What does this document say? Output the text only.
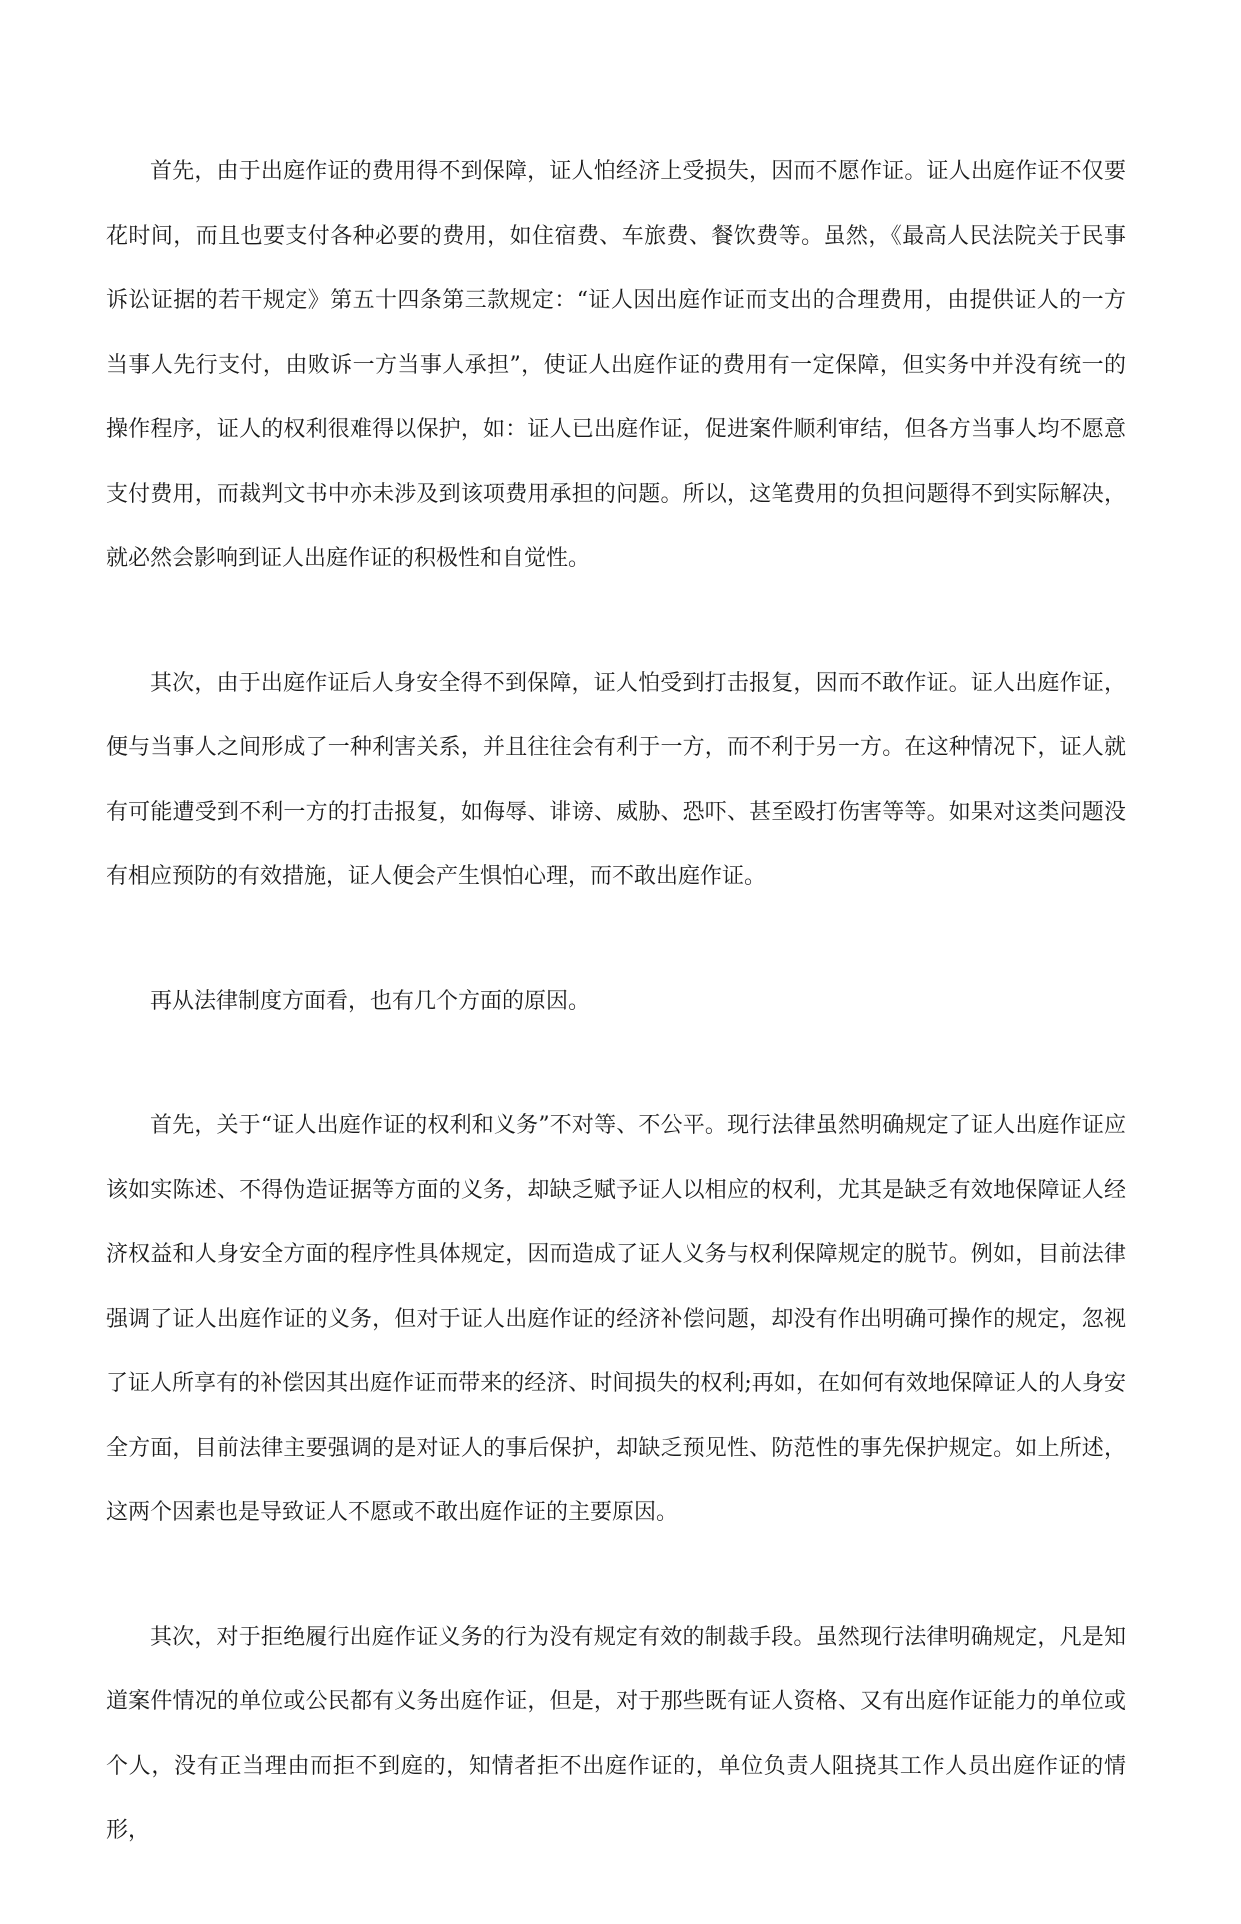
首先，由于出庭作证的费用得不到保障，证人怕经济上受损失，因而不愿作证。证人出庭作证不仅要花时间，而且也要支付各种必要的费用，如住宿费、车旅费、餐饮费等。虽然，《最高人民法院关于民事诉讼证据的若干规定》第五十四条第三款规定：“证人因出庭作证而支出的合理费用，由提供证人的一方当事人先行支付，由败诉一方当事人承担”，使证人出庭作证的费用有一定保障，但实务中并没有统一的操作程序，证人的权利很难得以保护，如：证人已出庭作证，促进案件顺利审结，但各方当事人均不愿意支付费用，而裁判文书中亦未涉及到该项费用承担的问题。所以，这笔费用的负担问题得不到实际解决，就必然会影响到证人出庭作证的积极性和自觉性。

其次，由于出庭作证后人身安全得不到保障，证人怕受到打击报复，因而不敢作证。证人出庭作证，便与当事人之间形成了一种利害关系，并且往往会有利于一方，而不利于另一方。在这种情况下，证人就有可能遭受到不利一方的打击报复，如侮辱、诽谤、威胁、恐吓、甚至殴打伤害等等。如果对这类问题没有相应预防的有效措施，证人便会产生惧怕心理，而不敢出庭作证。

再从法律制度方面看，也有几个方面的原因。

首先，关于“证人出庭作证的权利和义务”不对等、不公平。现行法律虽然明确规定了证人出庭作证应该如实陈述、不得伪造证据等方面的义务，却缺乏赋予证人以相应的权利，尤其是缺乏有效地保障证人经济权益和人身安全方面的程序性具体规定，因而造成了证人义务与权利保障规定的脱节。例如，目前法律强调了证人出庭作证的义务，但对于证人出庭作证的经济补偿问题，却没有作出明确可操作的规定，忽视了证人所享有的补偿因其出庭作证而带来的经济、时间损失的权利;再如，在如何有效地保障证人的人身安全方面，目前法律主要强调的是对证人的事后保护，却缺乏预见性、防范性的事先保护规定。如上所述，这两个因素也是导致证人不愿或不敢出庭作证的主要原因。

其次，对于拒绝履行出庭作证义务的行为没有规定有效的制裁手段。虽然现行法律明确规定，凡是知道案件情况的单位或公民都有义务出庭作证，但是，对于那些既有证人资格、又有出庭作证能力的单位或个人，没有正当理由而拒不到庭的，知情者拒不出庭作证的，单位负责人阻挠其工作人员出庭作证的情形，
